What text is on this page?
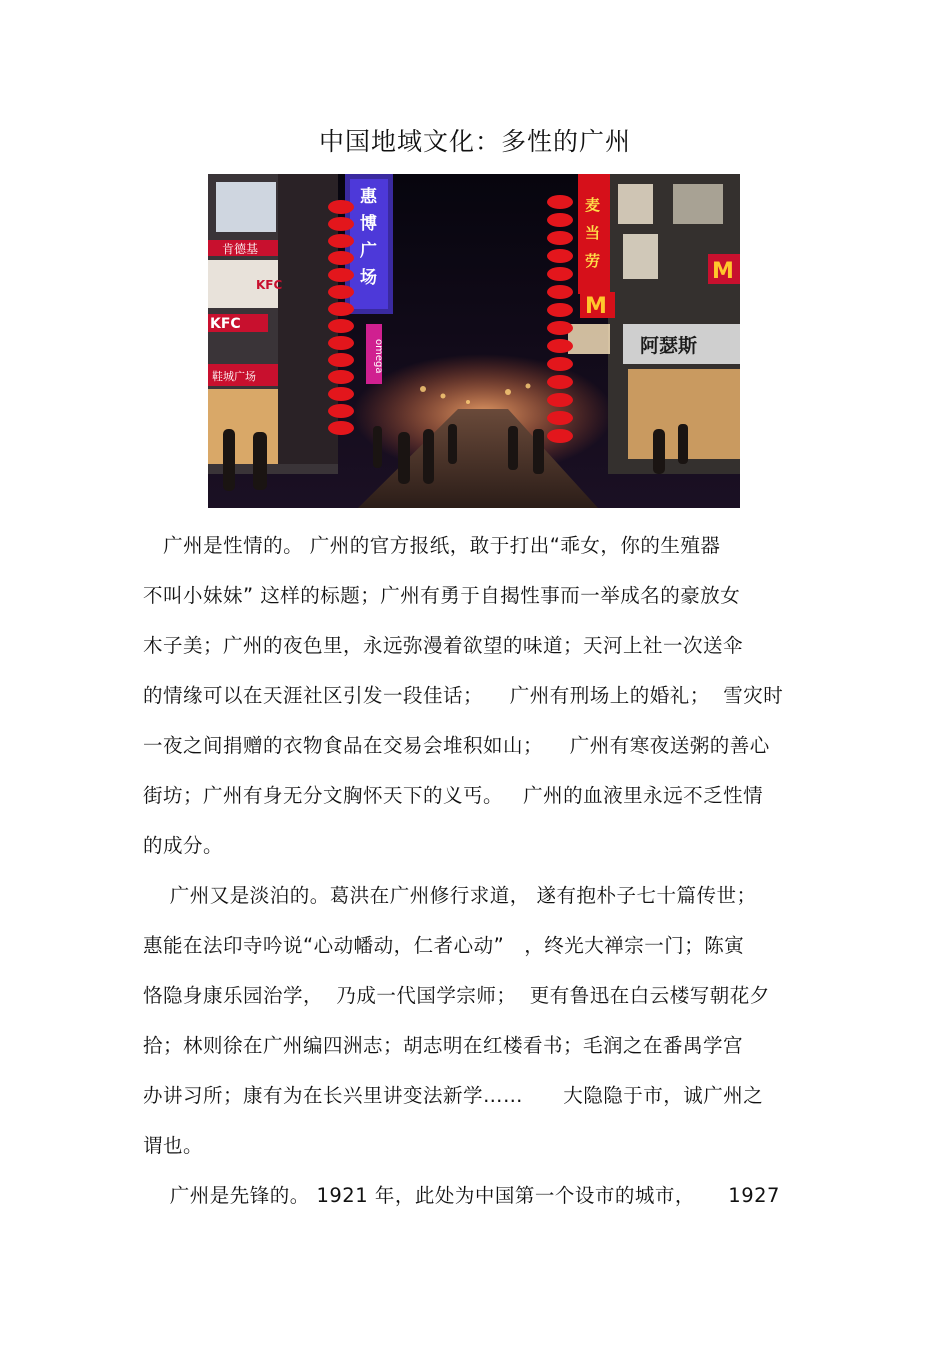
中国地域文化：多性的广州
肯德基
KFC
KFC
鞋城广场
惠
博
广
场
omega
麦
当
劳
M
M
阿瑟斯
广州是性情的。 广州的官方报纸，敢于打出“乖女，你的生殖器
不叫小妹妹” 这样的标题；广州有勇于自揭性事而一举成名的豪放女
木子美；广州的夜色里，永远弥漫着欲望的味道；天河上社一次送伞
的情缘可以在天涯社区引发一段佳话；    广州有刑场上的婚礼；  雪灾时
一夜之间捐赠的衣物食品在交易会堆积如山；    广州有寒夜送粥的善心
街坊；广州有身无分文胸怀天下的义丐。   广州的血液里永远不乏性情
的成分。
广州又是淡泊的。葛洪在广州修行求道， 遂有抱朴子七十篇传世；
惠能在法印寺吟说“心动幡动，仁者心动”   ，终光大禅宗一门；陈寅
恪隐身康乐园治学，  乃成一代国学宗师；  更有鲁迅在白云楼写朝花夕
拾；林则徐在广州编四洲志；胡志明在红楼看书；毛润之在番禺学宫
办讲习所；康有为在长兴里讲变法新学……      大隐隐于市，诚广州之
谓也。
广州是先锋的。 1921 年，此处为中国第一个设市的城市，     1927
